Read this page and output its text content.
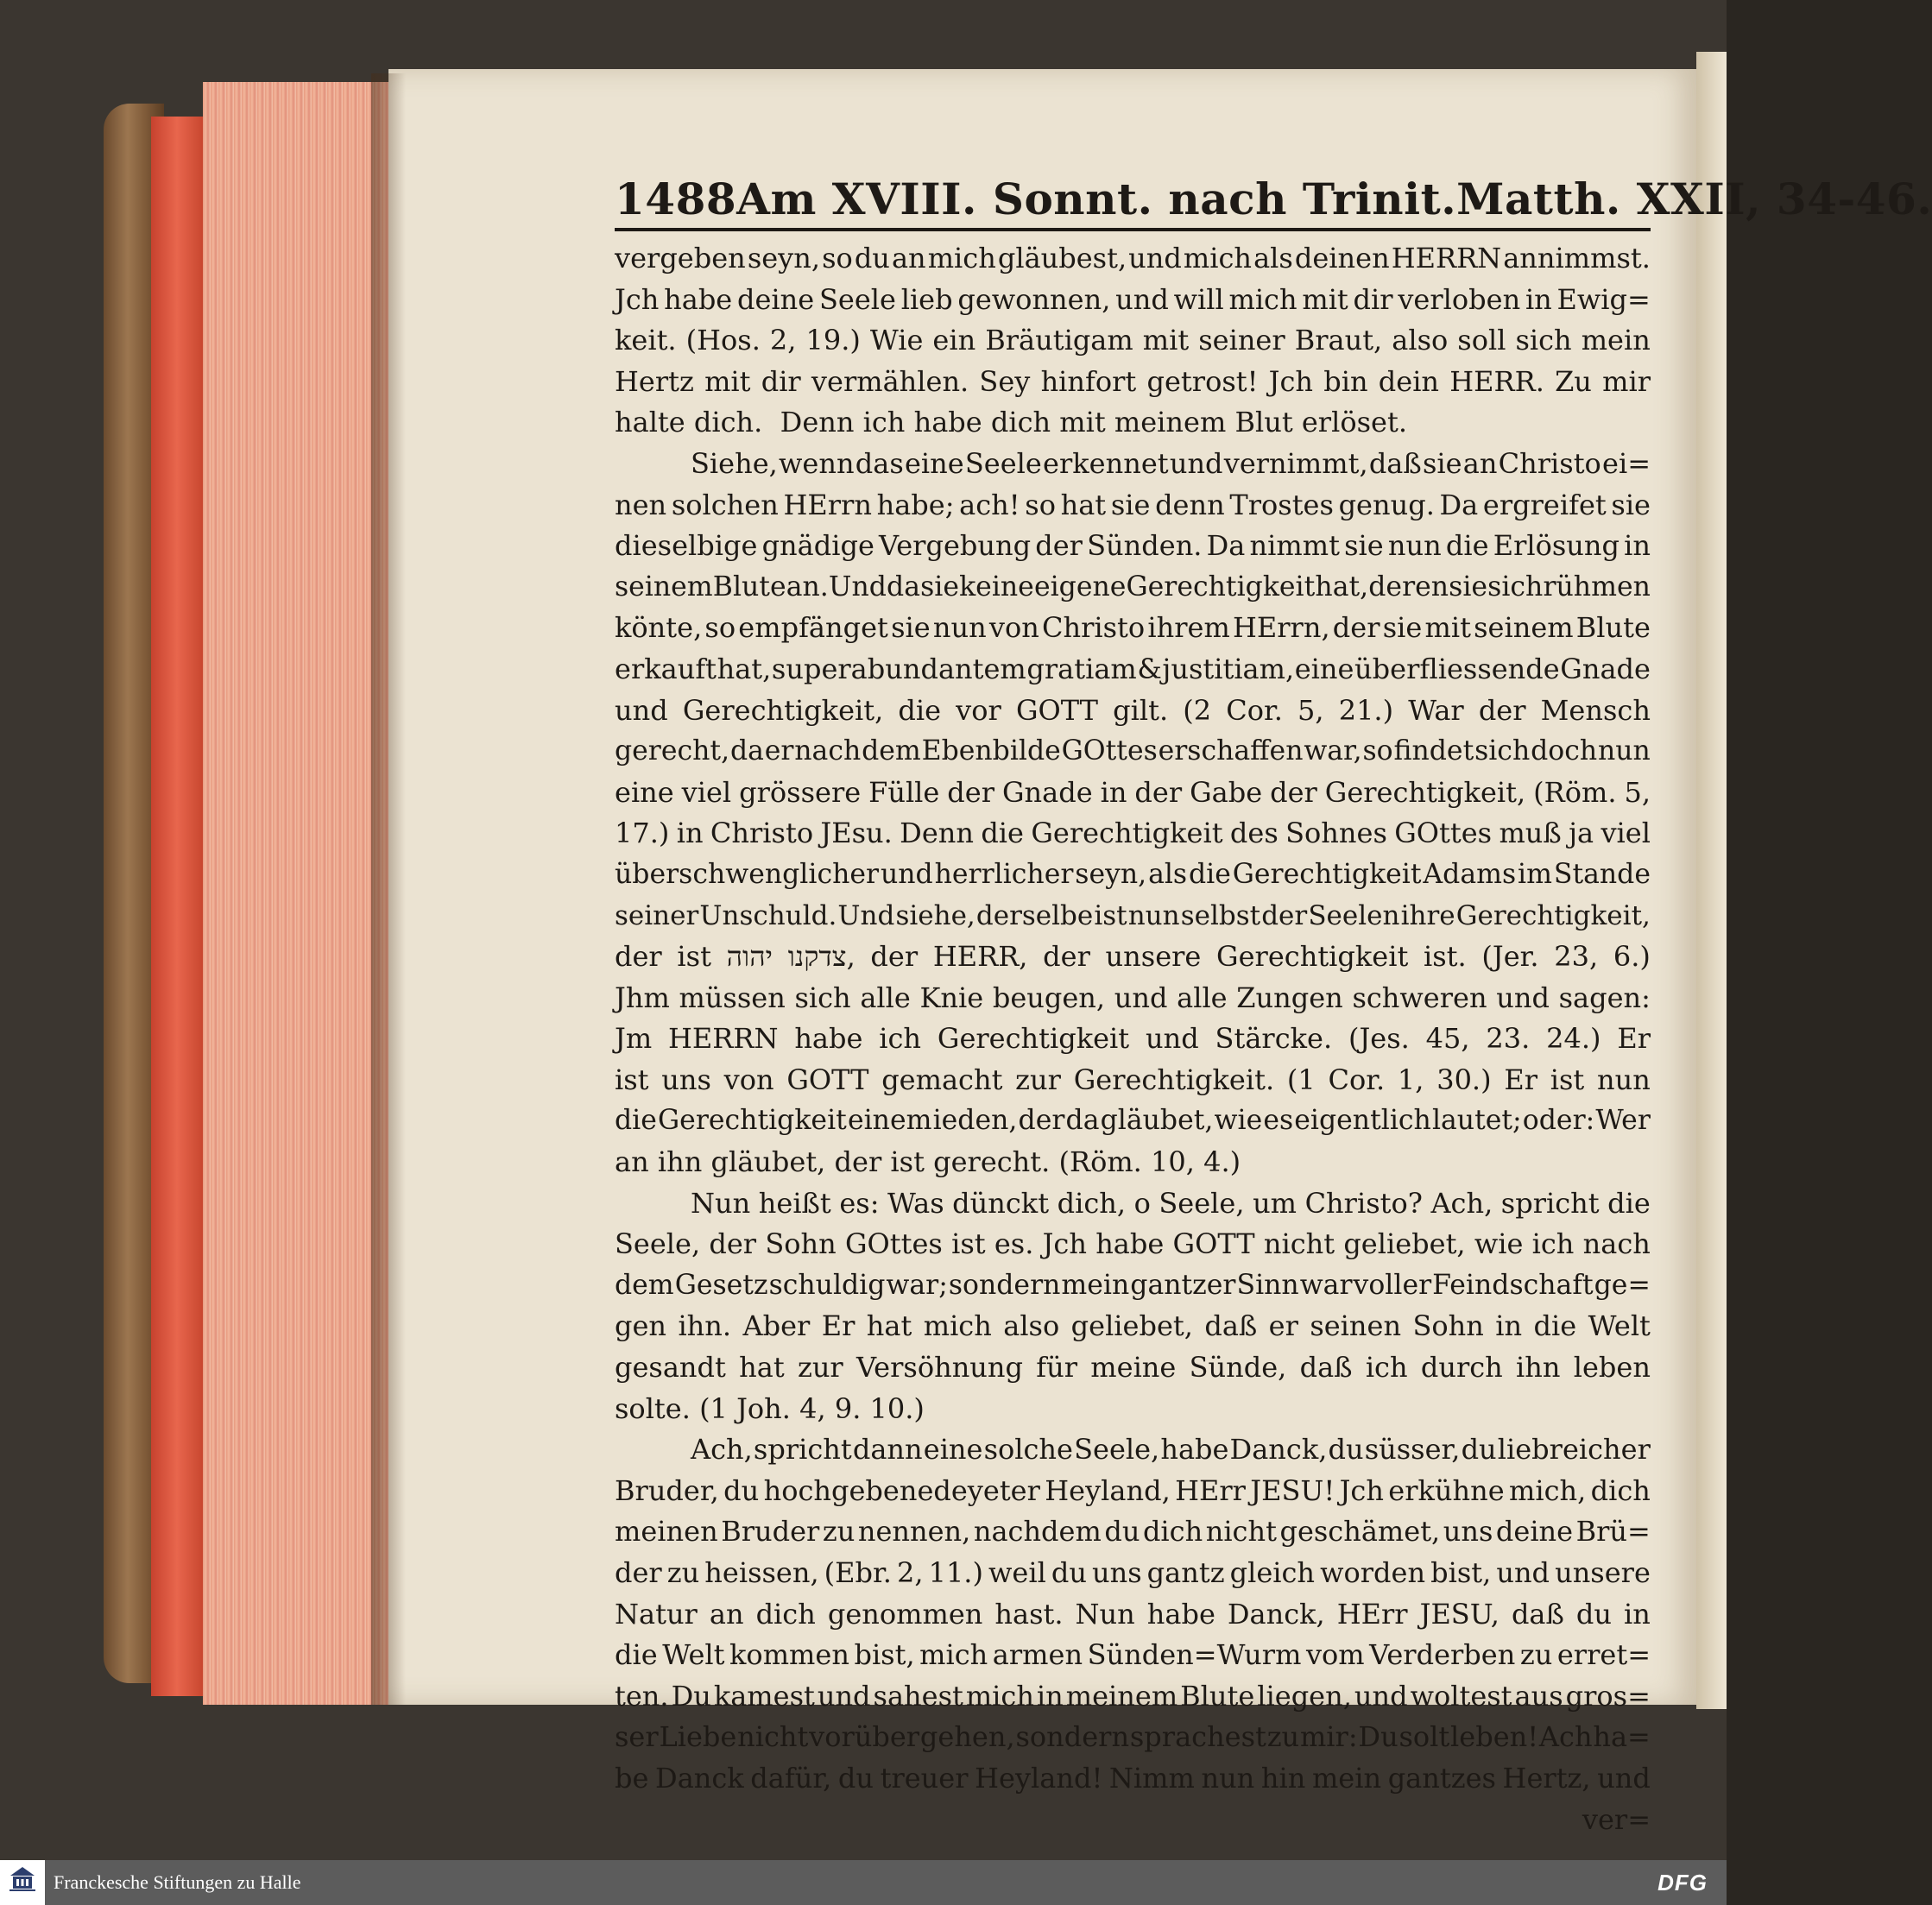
1488 Am XVIII. Sonnt. nach Trinit. Matth. XXII, 34-46.
vergeben seyn, so du an mich gläubest, und mich als deinen HERRN annimmst.
Jch habe deine Seele lieb gewonnen, und will mich mit dir verloben in Ewig=
keit. (Hos. 2, 19.) Wie ein Bräutigam mit seiner Braut, also soll sich mein
Hertz mit dir vermählen. Sey hinfort getrost! Jch bin dein HERR. Zu mir
halte dich.  Denn ich habe dich mit meinem Blut erlöset.
Siehe, wenn das eine Seele erkennet und vernimmt, daß sie an Christo ei=
nen solchen HErrn habe; ach! so hat sie denn Trostes genug. Da ergreifet sie
dieselbige gnädige Vergebung der Sünden. Da nimmt sie nun die Erlösung in
seinem Blute an. Und da sie keine eigene Gerechtigkeit hat, deren sie sich rühmen
könte, so empfänget sie nun von Christo ihrem HErrn, der sie mit seinem Blute
erkauft hat, superabundantem gratiam & justitiam, eine überfliessende Gnade
und Gerechtigkeit, die vor GOTT gilt. (2 Cor. 5, 21.) War der Mensch
gerecht, da er nach dem Ebenbilde GOttes erschaffen war, so findet sich doch nun
eine viel grössere Fülle der Gnade in der Gabe der Gerechtigkeit, (Röm. 5,
17.) in Christo JEsu. Denn die Gerechtigkeit des Sohnes GOttes muß ja viel
überschwenglicher und herrlicher seyn, als die Gerechtigkeit Adams im Stande
seiner Unschuld. Und siehe, derselbe ist nun selbst der Seelen ihre Gerechtigkeit,
der ist יהוה צדקנו, der HERR, der unsere Gerechtigkeit ist. (Jer. 23, 6.)
Jhm müssen sich alle Knie beugen, und alle Zungen schweren und sagen:
Jm HERRN habe ich Gerechtigkeit und Stärcke. (Jes. 45, 23. 24.) Er
ist uns von GOTT gemacht zur Gerechtigkeit. (1 Cor. 1, 30.) Er ist nun
die Gerechtigkeit einem ieden, der da gläubet, wie es eigentlich lautet; oder: Wer
an ihn gläubet, der ist gerecht. (Röm. 10, 4.)
Nun heißt es: Was dünckt dich, o Seele, um Christo? Ach, spricht die
Seele, der Sohn GOttes ist es. Jch habe GOTT nicht geliebet, wie ich nach
dem Gesetz schuldig war; sondern mein gantzer Sinn war voller Feindschaft ge=
gen ihn. Aber Er hat mich also geliebet, daß er seinen Sohn in die Welt
gesandt hat zur Versöhnung für meine Sünde, daß ich durch ihn leben
solte. (1 Joh. 4, 9. 10.)
Ach, spricht dann eine solche Seele, habe Danck, du süsser, du liebreicher
Bruder, du hochgebenedeyeter Heyland, HErr JESU! Jch erkühne mich, dich
meinen Bruder zu nennen, nachdem du dich nicht geschämet, uns deine Brü=
der zu heissen, (Ebr. 2, 11.) weil du uns gantz gleich worden bist, und unsere
Natur an dich genommen hast. Nun habe Danck, HErr JESU, daß du in
die Welt kommen bist, mich armen Sünden=Wurm vom Verderben zu erret=
ten. Du kamest und sahest mich in meinem Blute liegen, und woltest aus gros=
ser Liebe nicht vorüber gehen, sondern sprachest zu mir: Du solt leben! Ach ha=
be Danck dafür, du treuer Heyland! Nimm nun hin mein gantzes Hertz, und
ver=
Franckesche Stiftungen zu Halle	DFG
